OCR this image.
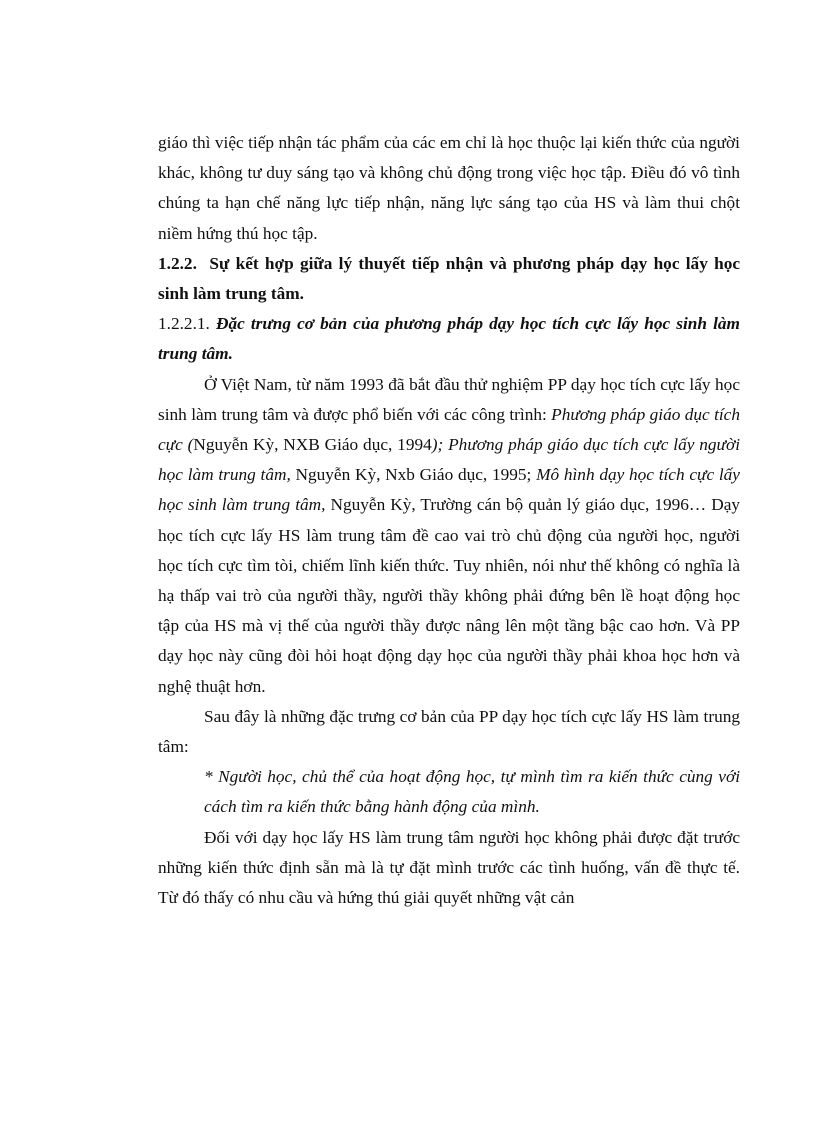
giáo thì việc tiếp nhận tác phẩm của các em chỉ là học thuộc lại kiến thức của người khác, không tư duy sáng tạo và không chủ động trong việc học tập. Điều đó vô tình chúng ta hạn chế năng lực tiếp nhận, năng lực sáng tạo của HS và làm thui chột niềm hứng thú học tập.

1.2.2. Sự kết hợp giữa lý thuyết tiếp nhận và phương pháp dạy học lấy học sinh làm trung tâm.

1.2.2.1. Đặc trưng cơ bản của phương pháp dạy học tích cực lấy học sinh làm trung tâm.

Ở Việt Nam, từ năm 1993 đã bắt đầu thử nghiệm PP dạy học tích cực lấy học sinh làm trung tâm và được phổ biến với các công trình: Phương pháp giáo dục tích cực (Nguyễn Kỳ, NXB Giáo dục, 1994); Phương pháp giáo dục tích cực lấy người học làm trung tâm, Nguyễn Kỳ, Nxb Giáo dục, 1995; Mô hình dạy học tích cực lấy học sinh làm trung tâm, Nguyễn Kỳ, Trường cán bộ quản lý giáo dục, 1996… Dạy học tích cực lấy HS làm trung tâm đề cao vai trò chủ động của người học, người học tích cực tìm tòi, chiếm lĩnh kiến thức. Tuy nhiên, nói như thế không có nghĩa là hạ thấp vai trò của người thầy, người thầy không phải đứng bên lề hoạt động học tập của HS mà vị thế của người thầy được nâng lên một tầng bậc cao hơn. Và PP dạy học này cũng đòi hỏi hoạt động dạy học của người thầy phải khoa học hơn và nghệ thuật hơn.

Sau đây là những đặc trưng cơ bản của PP dạy học tích cực lấy HS làm trung tâm:

* Người học, chủ thể của hoạt động học, tự mình tìm ra kiến thức cùng với cách tìm ra kiến thức bằng hành động của mình.

Đối với dạy học lấy HS làm trung tâm người học không phải được đặt trước những kiến thức định sẵn mà là tự đặt mình trước các tình huống, vấn đề thực tế. Từ đó thấy có nhu cầu và hứng thú giải quyết những vật cản
